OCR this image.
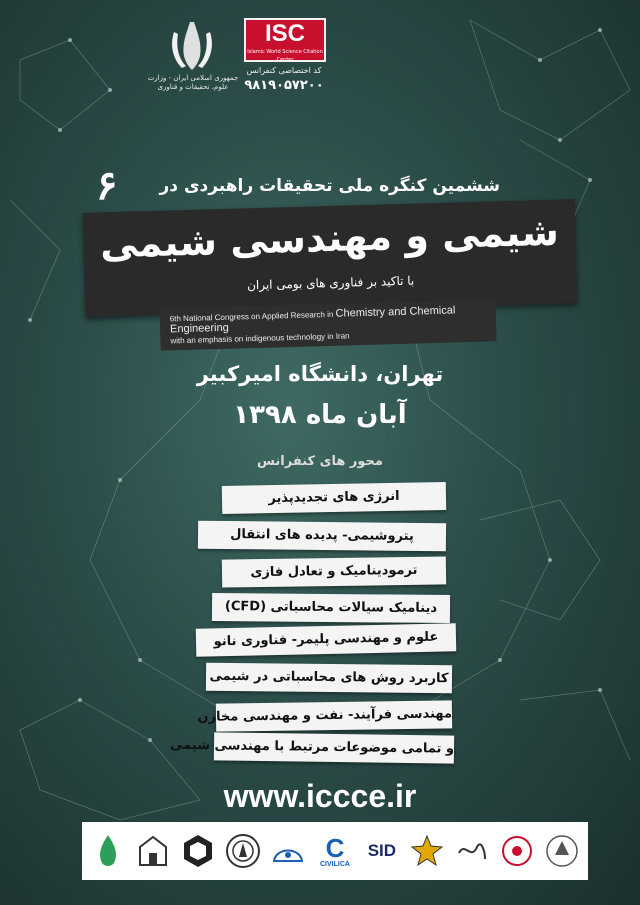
جمهوری اسلامی ایران - وزارت علوم، تحقیقات و فناوری
ISC
Islamic World Science Citation Center
کد اختصاصی کنفرانس
۹۸۱۹۰۵۷۲۰۰
۶ ششمین کنگره ملی تحقیقات راهبردی در
شیمی و مهندسی شیمی
با تاکید بر فناوری های بومی ایران
6th National Congress on Applied Research in Chemistry and Chemical Engineering
with an emphasis on indigenous technology in Iran
تهران، دانشگاه امیرکبیر
آبان ماه ۱۳۹۸
محور های کنفرانس
انرژی های تجدیدپذیر
پتروشیمی- پدیده های انتقال
ترمودینامیک و تعادل فازی
دینامیک سیالات محاسباتی (CFD)
علوم و مهندسی پلیمر- فناوری نانو
کاربرد روش های محاسباتی در شیمی
مهندسی فرآیند- نفت و مهندسی مخازن
و تمامی موضوعات مرتبط با مهندسی شیمی
www.iccce.ir
C
CIVILICA
SID
